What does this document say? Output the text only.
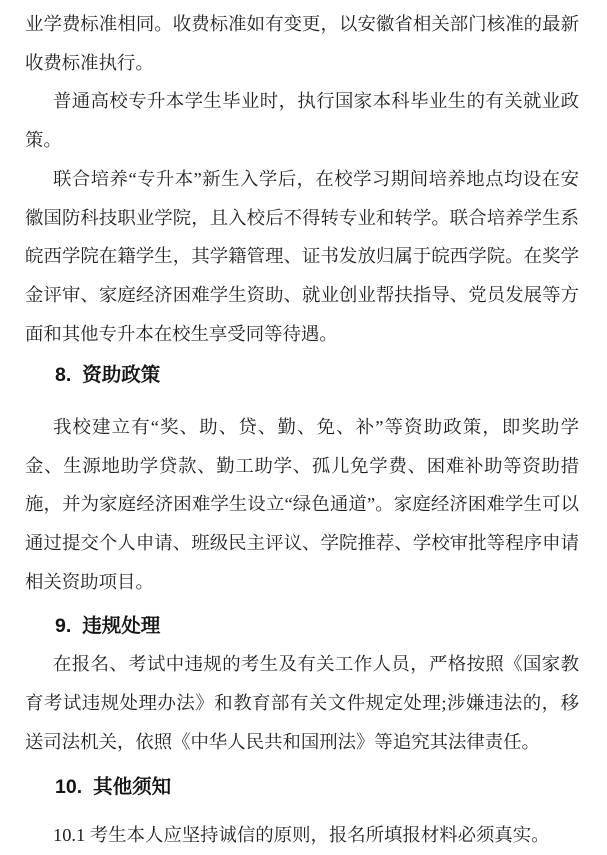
业学费标准相同。收费标准如有变更，以安徽省相关部门核准的最新收费标准执行。

普通高校专升本学生毕业时，执行国家本科毕业生的有关就业政策。

联合培养“专升本”新生入学后，在校学习期间培养地点均设在安徽国防科技职业学院，且入校后不得转专业和转学。联合培养学生系皖西学院在籍学生，其学籍管理、证书发放归属于皖西学院。在奖学金评审、家庭经济困难学生资助、就业创业帮扶指导、党员发展等方面和其他专升本在校生享受同等待遇。

8. 资助政策

我校建立有“奖、助、贷、勤、免、补”等资助政策，即奖助学金、生源地助学贷款、勤工助学、孤儿免学费、困难补助等资助措施，并为家庭经济困难学生设立“绿色通道”。家庭经济困难学生可以通过提交个人申请、班级民主评议、学院推荐、学校审批等程序申请相关资助项目。

9. 违规处理

在报名、考试中违规的考生及有关工作人员，严格按照《国家教育考试违规处理办法》和教育部有关文件规定处理;涉嫌违法的，移送司法机关，依照《中华人民共和国刑法》等追究其法律责任。

10. 其他须知

10.1 考生本人应坚持诚信的原则，报名所填报材料必须真实。
